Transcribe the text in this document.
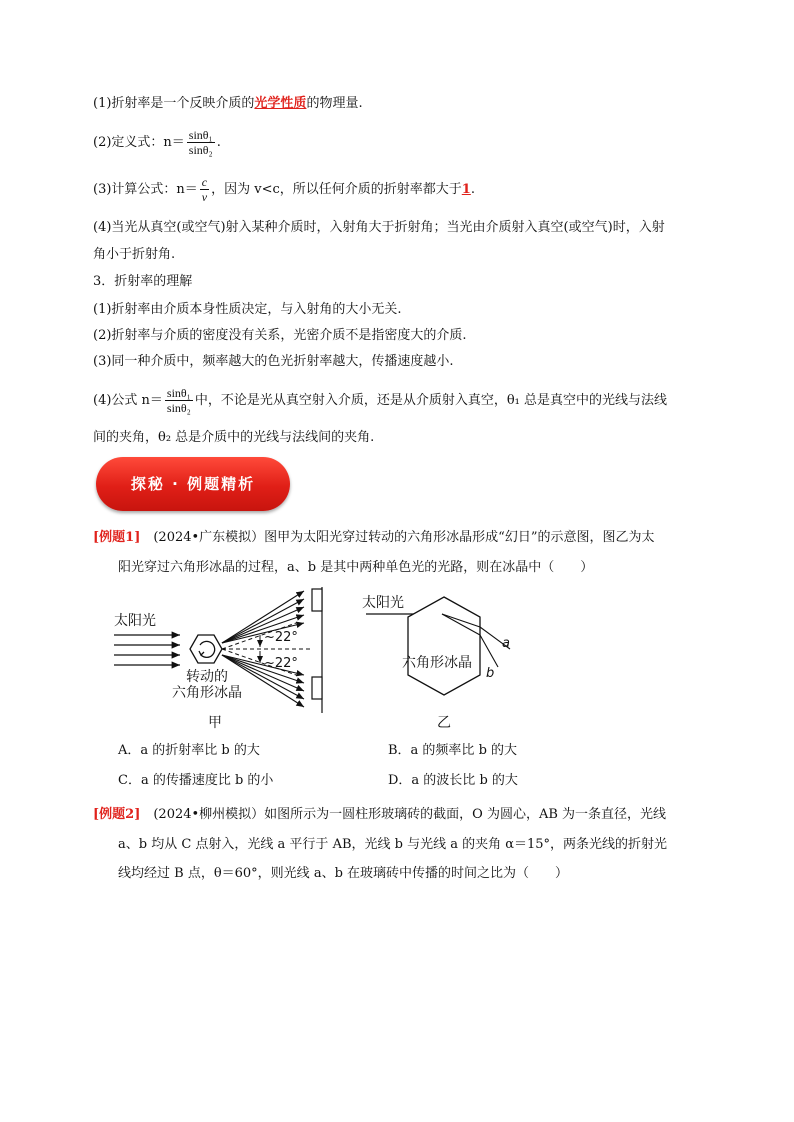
(1)折射率是一个反映介质的光学性质的物理量.
(2)定义式：$n= \frac{\text{sinθ₁}}{\text{sinθ₂}}$ .
(3)计算公式：$n= \frac{c}{v}$ ，因为 v<c，所以任何介质的折射率都大于1.
(4)当光从真空(或空气)射入某种介质时，入射角大于折射角；当光由介质射入真空(或空气)时，入射
角小于折射角.
3．折射率的理解
(1)折射率由介质本身性质决定，与入射角的大小无关.
(2)折射率与介质的密度没有关系，光密介质不是指密度大的介质.
(3)同一种介质中，频率越大的色光折射率越大，传播速度越小.
(4)公式 $n= \frac{\text{sinθ₁}}{\text{sinθ₂}}$ 中，不论是光从真空射入介质，还是从介质射入真空，θ₁ 总是真空中的光线与法线
间的夹角，θ₂ 总是介质中的光线与法线间的夹角.
探秘 · 例题精析
[例题1]　(2024•广东模拟）图甲为太阳光穿过转动的六角形冰晶形成“幻日”的示意图，图乙为太
阳光穿过六角形冰晶的过程，a、b 是其中两种单色光的光路，则在冰晶中（　　）
太阳光
~22°
~22°
转动的
六角形冰晶
甲
太阳光
a
b
六角形冰晶
乙
A．a 的折射率比 b 的大	B．a 的频率比 b 的大
C．a 的传播速度比 b 的小	D．a 的波长比 b 的大
[例题2]　(2024•柳州模拟）如图所示为一圆柱形玻璃砖的截面，O 为圆心，AB 为一条直径，光线
a、b 均从 C 点射入，光线 a 平行于 AB，光线 b 与光线 a 的夹角 α＝15°，两条光线的折射光
线均经过 B 点，θ＝60°，则光线 a、b 在玻璃砖中传播的时间之比为（　　）
